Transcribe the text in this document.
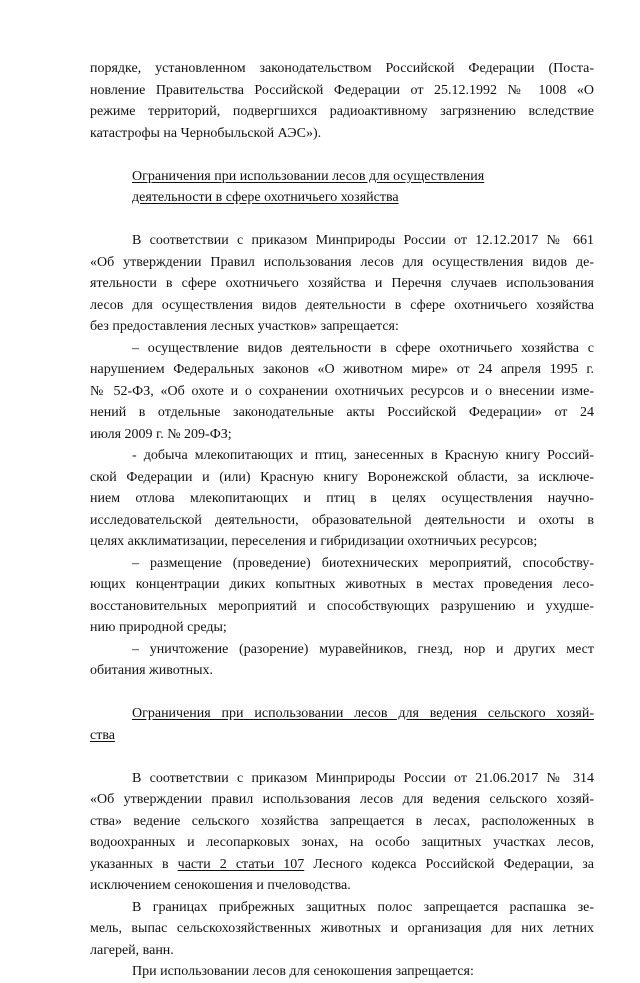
порядке, установленном законодательством Российской Федерации (Поста-
новление Правительства Российской Федерации от 25.12.1992 № 1008 «О
режиме территорий, подвергшихся радиоактивному загрязнению вследствие
катастрофы на Чернобыльской АЭС»).
Ограничения при использовании лесов для осуществления
деятельности в сфере охотничьего хозяйства
В соответствии с приказом Минприроды России от 12.12.2017 № 661
«Об утверждении Правил использования лесов для осуществления видов де-
ятельности в сфере охотничьего хозяйства и Перечня случаев использования
лесов для осуществления видов деятельности в сфере охотничьего хозяйства
без предоставления лесных участков» запрещается:
– осуществление видов деятельности в сфере охотничьего хозяйства с
нарушением Федеральных законов «О животном мире» от 24 апреля 1995 г.
№ 52-ФЗ, «Об охоте и о сохранении охотничьих ресурсов и о внесении изме-
нений в отдельные законодательные акты Российской Федерации» от 24
июля 2009 г. № 209-ФЗ;
- добыча млекопитающих и птиц, занесенных в Красную книгу Россий-
ской Федерации и (или) Красную книгу Воронежской области, за исключе-
нием отлова млекопитающих и птиц в целях осуществления научно-
исследовательской деятельности, образовательной деятельности и охоты в
целях акклиматизации, переселения и гибридизации охотничьих ресурсов;
– размещение (проведение) биотехнических мероприятий, способству-
ющих концентрации диких копытных животных в местах проведения лесо-
восстановительных мероприятий и способствующих разрушению и ухудше-
нию природной среды;
– уничтожение (разорение) муравейников, гнезд, нор и других мест
обитания животных.
Ограничения при использовании лесов для ведения сельского хозяй-
ства
В соответствии с приказом Минприроды России от 21.06.2017 № 314
«Об утверждении правил использования лесов для ведения сельского хозяй-
ства» ведение сельского хозяйства запрещается в лесах, расположенных в
водоохранных и лесопарковых зонах, на особо защитных участках лесов,
указанных в части 2 статьи 107 Лесного кодекса Российской Федерации, за
исключением сенокошения и пчеловодства.
В границах прибрежных защитных полос запрещается распашка зе-
мель, выпас сельскохозяйственных животных и организация для них летних
лагерей, ванн.
При использовании лесов для сенокошения запрещается:
